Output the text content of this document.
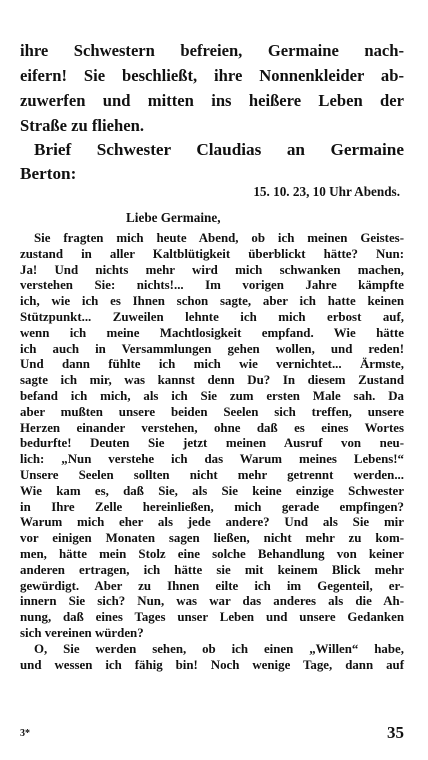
ihre Schwestern befreien, Germaine nach-
eifern! Sie beschließt, ihre Nonnenkleider ab-
zuwerfen und mitten ins heißere Leben der
Straße zu fliehen.
Brief Schwester Claudias an Germaine
Berton:
15. 10. 23, 10 Uhr Abends.
Liebe Germaine,
Sie fragten mich heute Abend, ob ich meinen Geistes-
zustand in aller Kaltblütigkeit überblickt hätte? Nun:
Ja! Und nichts mehr wird mich schwanken machen,
verstehen Sie: nichts!... Im vorigen Jahre kämpfte
ich, wie ich es Ihnen schon sagte, aber ich hatte keinen
Stützpunkt... Zuweilen lehnte ich mich erbost auf,
wenn ich meine Machtlosigkeit empfand. Wie hätte
ich auch in Versammlungen gehen wollen, und reden!
Und dann fühlte ich mich wie vernichtet... Ärmste,
sagte ich mir, was kannst denn Du? In diesem Zustand
befand ich mich, als ich Sie zum ersten Male sah. Da
aber mußten unsere beiden Seelen sich treffen, unsere
Herzen einander verstehen, ohne daß es eines Wortes
bedurfte! Deuten Sie jetzt meinen Ausruf von neu-
lich: „Nun verstehe ich das Warum meines Lebens!“
Unsere Seelen sollten nicht mehr getrennt werden...
Wie kam es, daß Sie, als Sie keine einzige Schwester
in Ihre Zelle hereinließen, mich gerade empfingen?
Warum mich eher als jede andere? Und als Sie mir
vor einigen Monaten sagen ließen, nicht mehr zu kom-
men, hätte mein Stolz eine solche Behandlung von keiner
anderen ertragen, ich hätte sie mit keinem Blick mehr
gewürdigt. Aber zu Ihnen eilte ich im Gegenteil, er-
innern Sie sich? Nun, was war das anderes als die Ah-
nung, daß eines Tages unser Leben und unsere Gedanken
sich vereinen würden?
O, Sie werden sehen, ob ich einen „Willen“ habe,
und wessen ich fähig bin! Noch wenige Tage, dann auf
3*	35
